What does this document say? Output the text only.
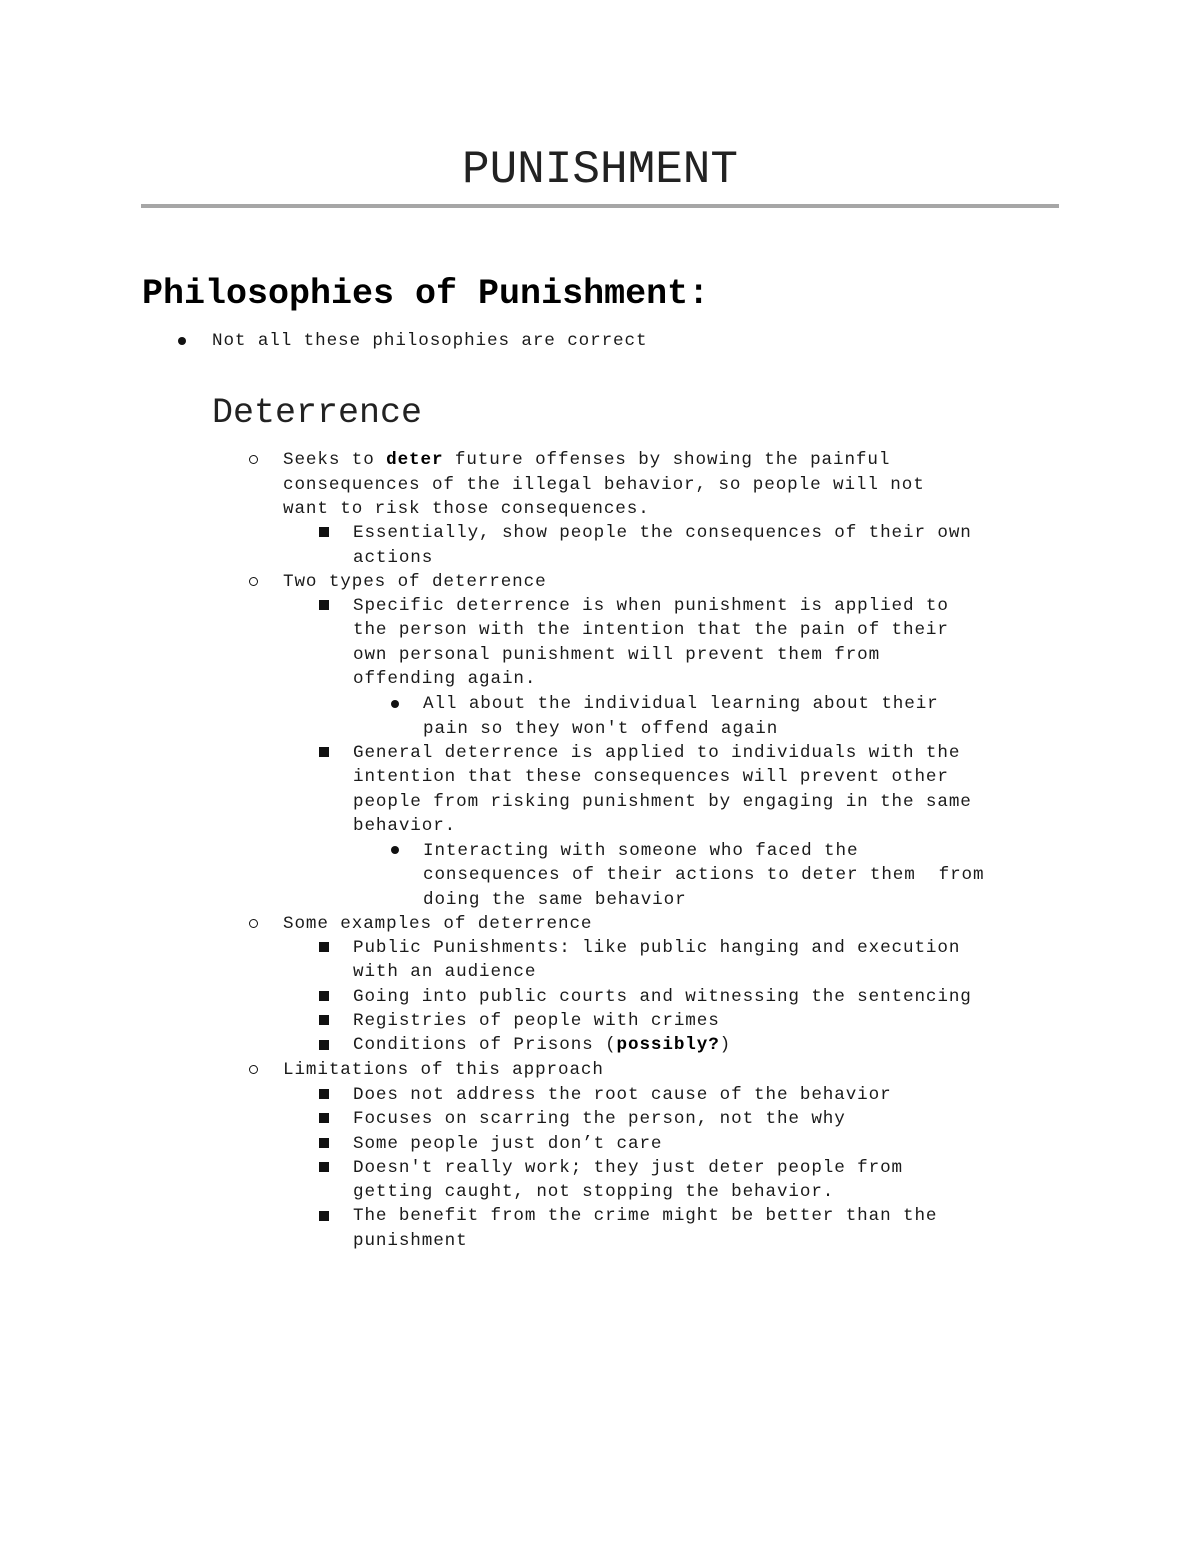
PUNISHMENT
Philosophies of Punishment:
Not all these philosophies are correct
Deterrence
Seeks to deter future offenses by showing the painful
consequences of the illegal behavior, so people will not
want to risk those consequences.
Essentially, show people the consequences of their own
actions
Two types of deterrence
Specific deterrence is when punishment is applied to
the person with the intention that the pain of their
own personal punishment will prevent them from
offending again.
All about the individual learning about their
pain so they won't offend again
General deterrence is applied to individuals with the
intention that these consequences will prevent other
people from risking punishment by engaging in the same
behavior.
Interacting with someone who faced the
consequences of their actions to deter them  from
doing the same behavior
Some examples of deterrence
Public Punishments: like public hanging and execution
with an audience
Going into public courts and witnessing the sentencing
Registries of people with crimes
Conditions of Prisons (possibly?)
Limitations of this approach
Does not address the root cause of the behavior
Focuses on scarring the person, not the why
Some people just don’t care
Doesn't really work; they just deter people from
getting caught, not stopping the behavior.
The benefit from the crime might be better than the
punishment
